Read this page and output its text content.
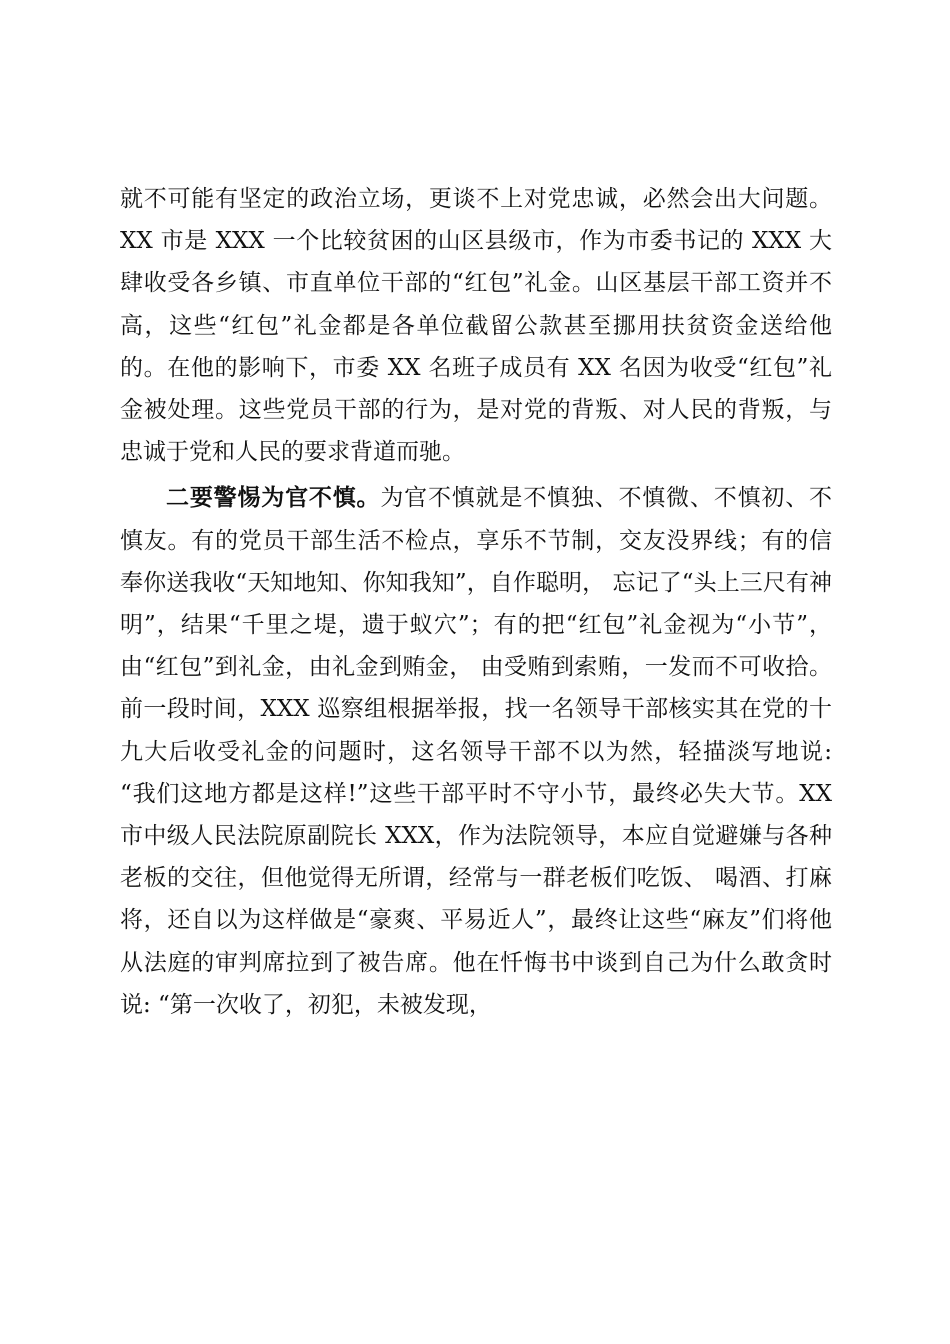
就不可能有坚定的政治立场，更谈不上对党忠诚，必然会出大问题。XX 市是 XXX 一个比较贫困的山区县级市，作为市委书记的 XXX 大肆收受各乡镇、市直单位干部的“红包”礼金。山区基层干部工资并不高，这些“红包”礼金都是各单位截留公款甚至挪用扶贫资金送给他的。在他的影响下，市委 XX 名班子成员有 XX 名因为收受“红包”礼金被处理。这些党员干部的行为，是对党的背叛、对人民的背叛，与忠诚于党和人民的要求背道而驰。

二要警惕为官不慎。为官不慎就是不慎独、不慎微、不慎初、不慎友。有的党员干部生活不检点，享乐不节制，交友没界线；有的信奉你送我收“天知地知、你知我知”，自作聪明， 忘记了“头上三尺有神明”，结果“千里之堤，遗于蚁穴”；有的把“红包”礼金视为“小节”，由“红包”到礼金，由礼金到贿金， 由受贿到索贿，一发而不可收拾。前一段时间，XXX 巡察组根据举报，找一名领导干部核实其在党的十九大后收受礼金的问题时，这名领导干部不以为然，轻描淡写地说: “我们这地方都是这样!”这些干部平时不守小节，最终必失大节。XX 市中级人民法院原副院长 XXX，作为法院领导，本应自觉避嫌与各种老板的交往，但他觉得无所谓，经常与一群老板们吃饭、 喝酒、打麻将，还自以为这样做是“豪爽、平易近人”，最终让这些“麻友”们将他从法庭的审判席拉到了被告席。他在忏悔书中谈到自己为什么敢贪时说: “第一次收了，初犯，未被发现，
